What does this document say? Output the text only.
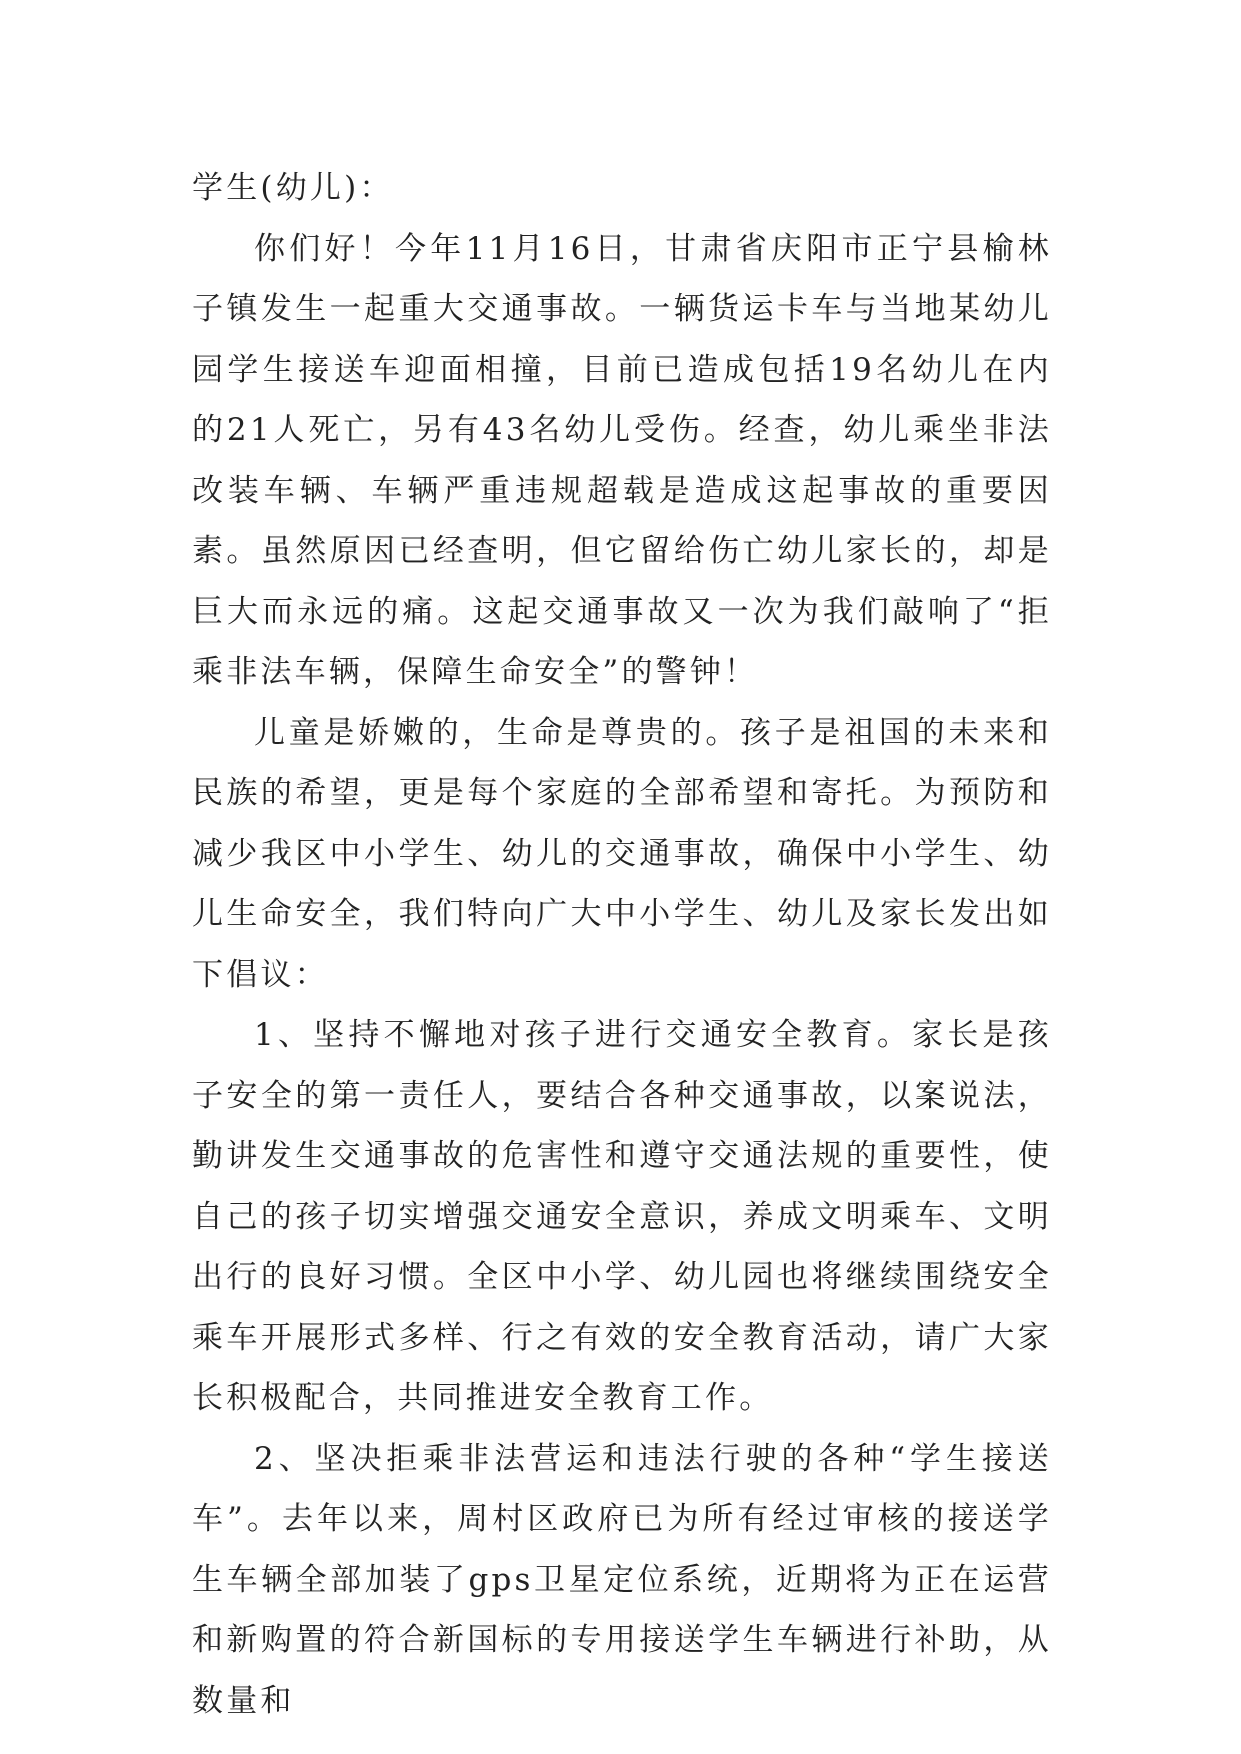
学生(幼儿)：

你们好！今年11月16日，甘肃省庆阳市正宁县榆林子镇发生一起重大交通事故。一辆货运卡车与当地某幼儿园学生接送车迎面相撞，目前已造成包括19名幼儿在内的21人死亡，另有43名幼儿受伤。经查，幼儿乘坐非法改装车辆、车辆严重违规超载是造成这起事故的重要因素。虽然原因已经查明，但它留给伤亡幼儿家长的，却是巨大而永远的痛。这起交通事故又一次为我们敲响了“拒乘非法车辆，保障生命安全”的警钟！

儿童是娇嫩的，生命是尊贵的。孩子是祖国的未来和民族的希望，更是每个家庭的全部希望和寄托。为预防和减少我区中小学生、幼儿的交通事故，确保中小学生、幼儿生命安全，我们特向广大中小学生、幼儿及家长发出如下倡议：

1、坚持不懈地对孩子进行交通安全教育。家长是孩子安全的第一责任人，要结合各种交通事故，以案说法，勤讲发生交通事故的危害性和遵守交通法规的重要性，使自己的孩子切实增强交通安全意识，养成文明乘车、文明出行的良好习惯。全区中小学、幼儿园也将继续围绕安全乘车开展形式多样、行之有效的安全教育活动，请广大家长积极配合，共同推进安全教育工作。

2、坚决拒乘非法营运和违法行驶的各种“学生接送车”。去年以来，周村区政府已为所有经过审核的接送学生车辆全部加装了gps卫星定位系统，近期将为正在运营和新购置的符合新国标的专用接送学生车辆进行补助，从数量和
